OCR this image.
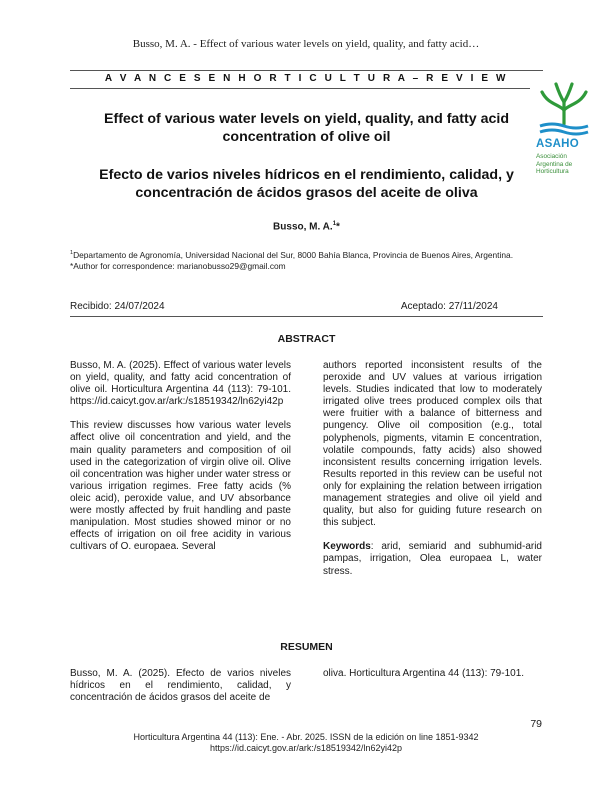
Busso, M. A. - Effect of various water levels on yield, quality, and fatty acid…
A V A N C E S E N H O R T I C U L T U R A – R E V I E W
ASAHO
Asociación
Argentina de
Horticultura
Effect of various water levels on yield, quality, and fatty acid concentration of olive oil
Efecto de varios niveles hídricos en el rendimiento, calidad, y concentración de ácidos grasos del aceite de oliva
Busso, M. A.$^1$*
$^1$Departamento de Agronomía, Universidad Nacional del Sur, 8000 Bahía Blanca, Provincia de Buenos Aires, Argentina.
*Author for correspondence: marianobusso29@gmail.com
Recibido: 24/07/2024	Aceptado: 27/11/2024
ABSTRACT

Busso, M. A. (2025). Effect of various water levels on yield, quality, and fatty acid concentration of olive oil. Horticultura Argentina 44 (113): 79-101. https://id.caicyt.gov.ar/ark:/s18519342/ln62yi42p

This review discusses how various water levels affect olive oil concentration and yield, and the main quality parameters and composition of oil used in the categorization of virgin olive oil. Olive oil concentration was higher under water stress or various irrigation regimes. Free fatty acids (% oleic acid), peroxide value, and UV absorbance were mostly affected by fruit handling and paste manipulation. Most studies showed minor or no effects of irrigation on oil free acidity in various cultivars of O. europaea. Several

authors reported inconsistent results of the peroxide and UV values at various irrigation levels. Studies indicated that low to moderately irrigated olive trees produced complex oils that were fruitier with a balance of bitterness and pungency. Olive oil composition (e.g., total polyphenols, pigments, vitamin E concentration, volatile compounds, fatty acids) also showed inconsistent results concerning irrigation levels. Results reported in this review can be useful not only for explaining the relation between irrigation management strategies and olive oil yield and quality, but also for guiding future research on this subject.

Keywords: arid, semiarid and subhumid-arid pampas, irrigation, Olea europaea L, water stress.

RESUMEN

Busso, M. A. (2025). Efecto de varios niveles hídricos en el rendimiento, calidad, y concentración de ácidos grasos del aceite de

oliva. Horticultura Argentina 44 (113): 79-101.

79
Horticultura Argentina 44 (113): Ene. - Abr. 2025. ISSN de la edición on line 1851-9342
https://id.caicyt.gov.ar/ark:/s18519342/ln62yi42p
